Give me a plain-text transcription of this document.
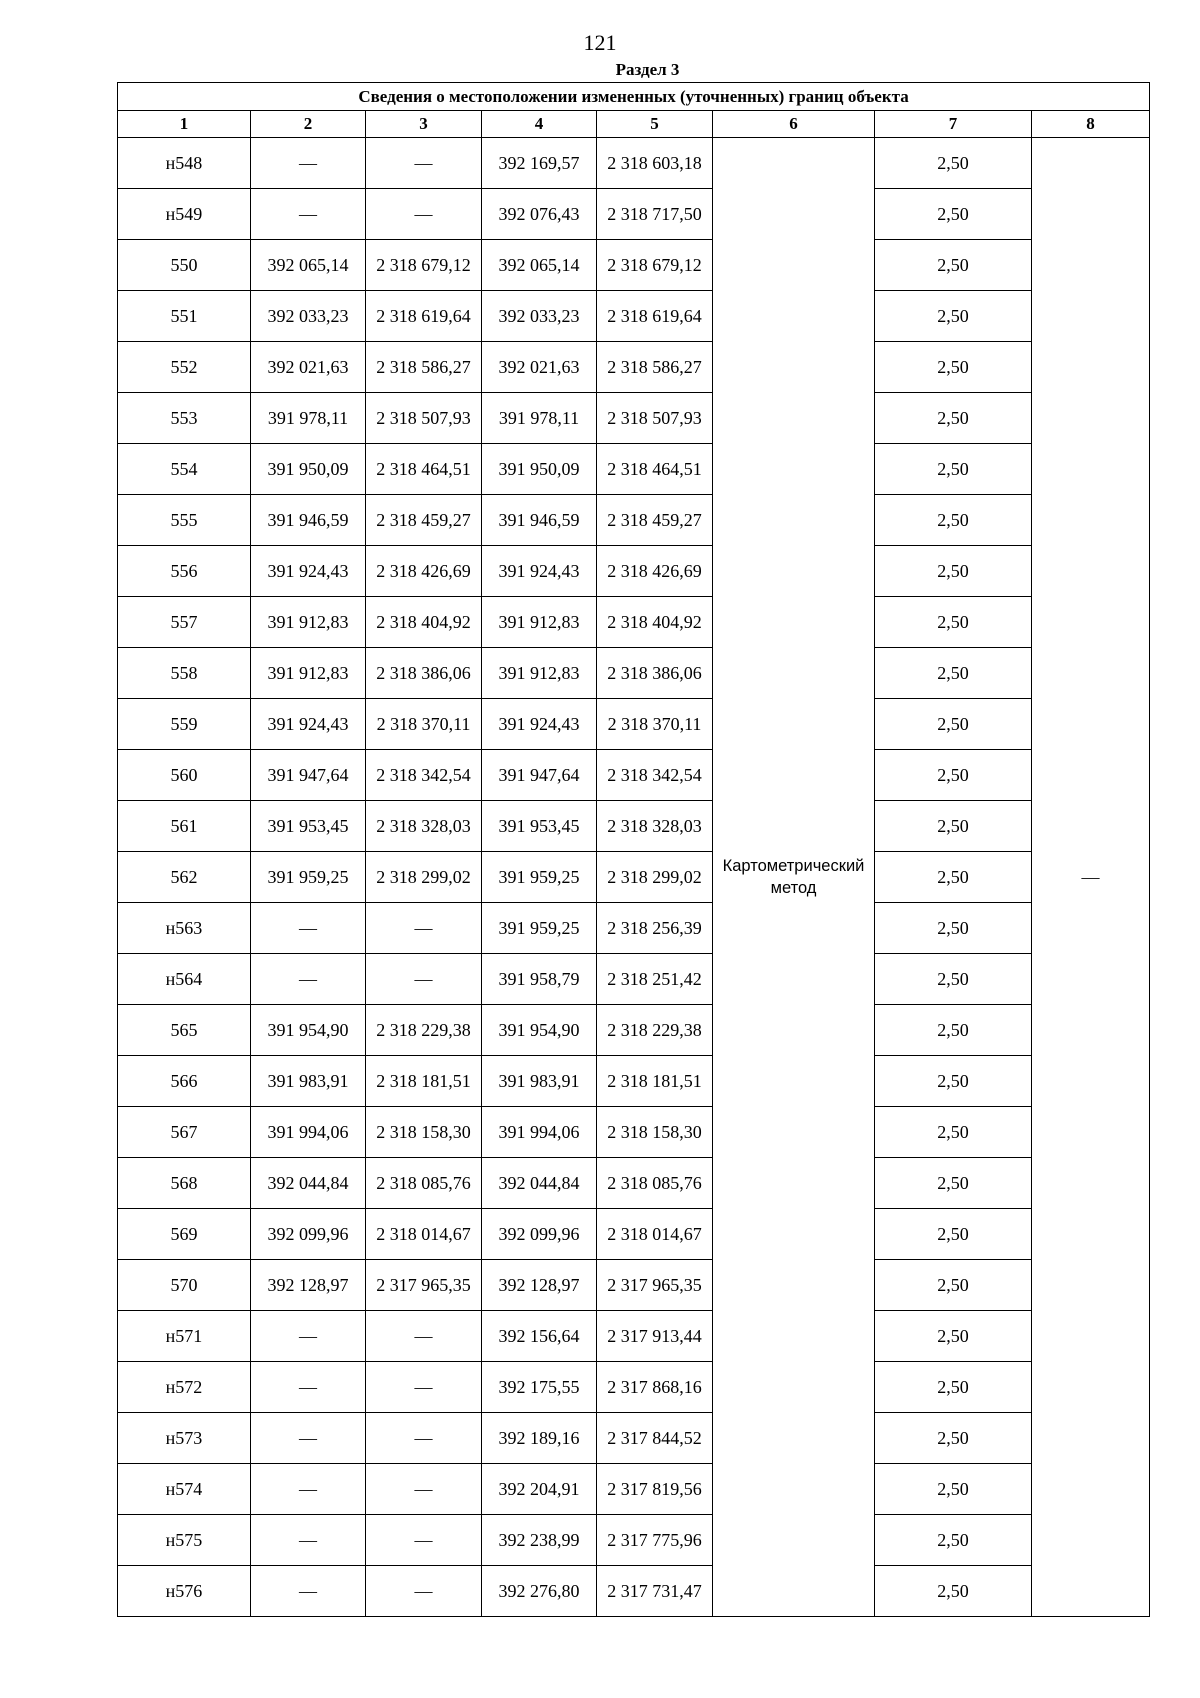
121
Раздел 3
Сведения о местоположении измененных (уточненных) границ объекта							
1	2	3	4	5	6	7	8
н548	—	—	392 169,57	2 318 603,18	Картометрический метод	2,50	—
н549	—	—	392 076,43	2 318 717,50		2,50	
550	392 065,14	2 318 679,12	392 065,14	2 318 679,12		2,50	
551	392 033,23	2 318 619,64	392 033,23	2 318 619,64		2,50	
552	392 021,63	2 318 586,27	392 021,63	2 318 586,27		2,50	
553	391 978,11	2 318 507,93	391 978,11	2 318 507,93		2,50	
554	391 950,09	2 318 464,51	391 950,09	2 318 464,51		2,50	
555	391 946,59	2 318 459,27	391 946,59	2 318 459,27		2,50	
556	391 924,43	2 318 426,69	391 924,43	2 318 426,69		2,50	
557	391 912,83	2 318 404,92	391 912,83	2 318 404,92		2,50	
558	391 912,83	2 318 386,06	391 912,83	2 318 386,06		2,50	
559	391 924,43	2 318 370,11	391 924,43	2 318 370,11		2,50	
560	391 947,64	2 318 342,54	391 947,64	2 318 342,54		2,50	
561	391 953,45	2 318 328,03	391 953,45	2 318 328,03		2,50	
562	391 959,25	2 318 299,02	391 959,25	2 318 299,02		2,50	
н563	—	—	391 959,25	2 318 256,39		2,50	
н564	—	—	391 958,79	2 318 251,42		2,50	
565	391 954,90	2 318 229,38	391 954,90	2 318 229,38		2,50	
566	391 983,91	2 318 181,51	391 983,91	2 318 181,51		2,50	
567	391 994,06	2 318 158,30	391 994,06	2 318 158,30		2,50	
568	392 044,84	2 318 085,76	392 044,84	2 318 085,76		2,50	
569	392 099,96	2 318 014,67	392 099,96	2 318 014,67		2,50	
570	392 128,97	2 317 965,35	392 128,97	2 317 965,35		2,50	
н571	—	—	392 156,64	2 317 913,44		2,50	
н572	—	—	392 175,55	2 317 868,16		2,50	
н573	—	—	392 189,16	2 317 844,52		2,50	
н574	—	—	392 204,91	2 317 819,56		2,50	
н575	—	—	392 238,99	2 317 775,96		2,50	
н576	—	—	392 276,80	2 317 731,47		2,50	
